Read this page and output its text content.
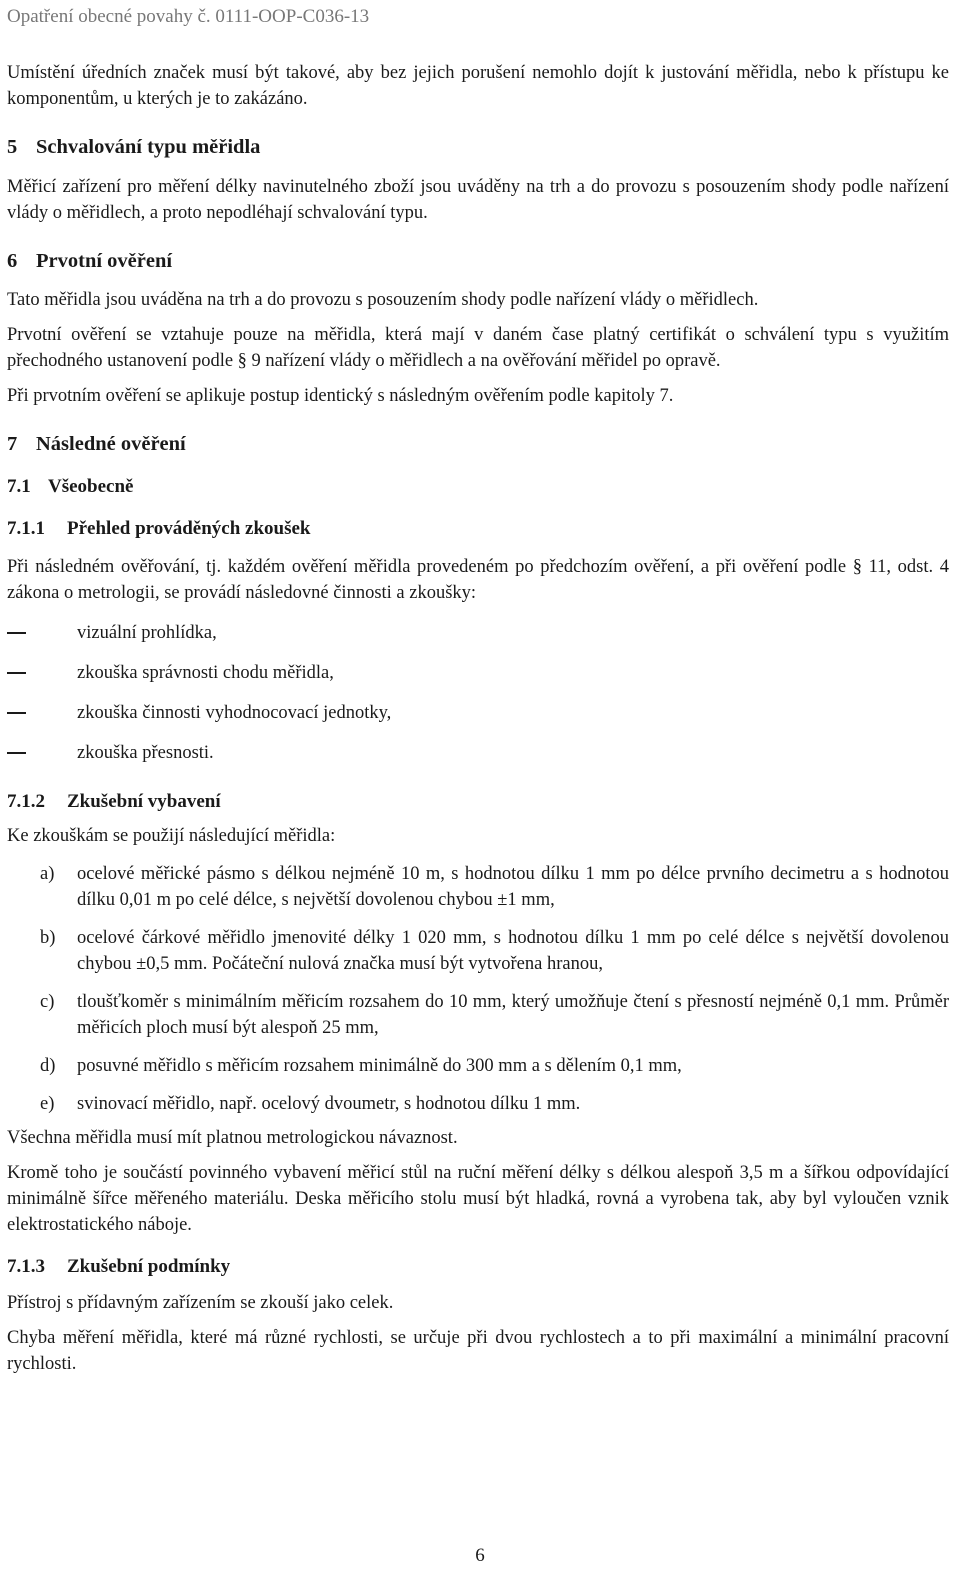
Opatření obecné povahy č. 0111-OOP-C036-13

Umístění úředních značek musí být takové, aby bez jejich porušení nemohlo dojít k justování měřidla, nebo k přístupu ke komponentům, u kterých je to zakázáno.

5 Schvalování typu měřidla

Měřicí zařízení pro měření délky navinutelného zboží jsou uváděny na trh a do provozu s posouzením shody podle nařízení vlády o měřidlech, a proto nepodléhají schvalování typu.

6 Prvotní ověření

Tato měřidla jsou uváděna na trh a do provozu s posouzením shody podle nařízení vlády o měřidlech.

Prvotní ověření se vztahuje pouze na měřidla, která mají v daném čase platný certifikát o schválení typu s využitím přechodného ustanovení podle § 9 nařízení vlády o měřidlech a na ověřování měřidel po opravě.

Při prvotním ověření se aplikuje postup identický s následným ověřením podle kapitoly 7.

7 Následné ověření
7.1 Všeobecně
7.1.1 Přehled prováděných zkoušek

Při následném ověřování, tj. každém ověření měřidla provedeném po předchozím ověření, a při ověření podle § 11, odst. 4 zákona o metrologii, se provádí následovné činnosti a zkoušky:

vizuální prohlídka,
zkouška správnosti chodu měřidla,
zkouška činnosti vyhodnocovací jednotky,
zkouška přesnosti.
7.1.2 Zkušební vybavení

Ke zkouškám se použijí následující měřidla:

a) ocelové měřické pásmo s délkou nejméně 10 m, s hodnotou dílku 1 mm po délce prvního decimetru a s hodnotou dílku 0,01 m po celé délce, s největší dovolenou chybou ±1 mm,
b) ocelové čárkové měřidlo jmenovité délky 1 020 mm, s hodnotou dílku 1 mm po celé délce s největší dovolenou chybou ±0,5 mm. Počáteční nulová značka musí být vytvořena hranou,
c) tloušťkoměr s minimálním měřicím rozsahem do 10 mm, který umožňuje čtení s přesností nejméně 0,1 mm. Průměr měřicích ploch musí být alespoň 25 mm,
d) posuvné měřidlo s měřicím rozsahem minimálně do 300 mm a s dělením 0,1 mm,
e) svinovací měřidlo, např. ocelový dvoumetr, s hodnotou dílku 1 mm.

Všechna měřidla musí mít platnou metrologickou návaznost.

Kromě toho je součástí povinného vybavení měřicí stůl na ruční měření délky s délkou alespoň 3,5 m a šířkou odpovídající minimálně šířce měřeného materiálu. Deska měřicího stolu musí být hladká, rovná a vyrobena tak, aby byl vyloučen vznik elektrostatického náboje.

7.1.3 Zkušební podmínky

Přístroj s přídavným zařízením se zkouší jako celek.

Chyba měření měřidla, které má různé rychlosti, se určuje při dvou rychlostech a to při maximální a minimální pracovní rychlosti.

6
